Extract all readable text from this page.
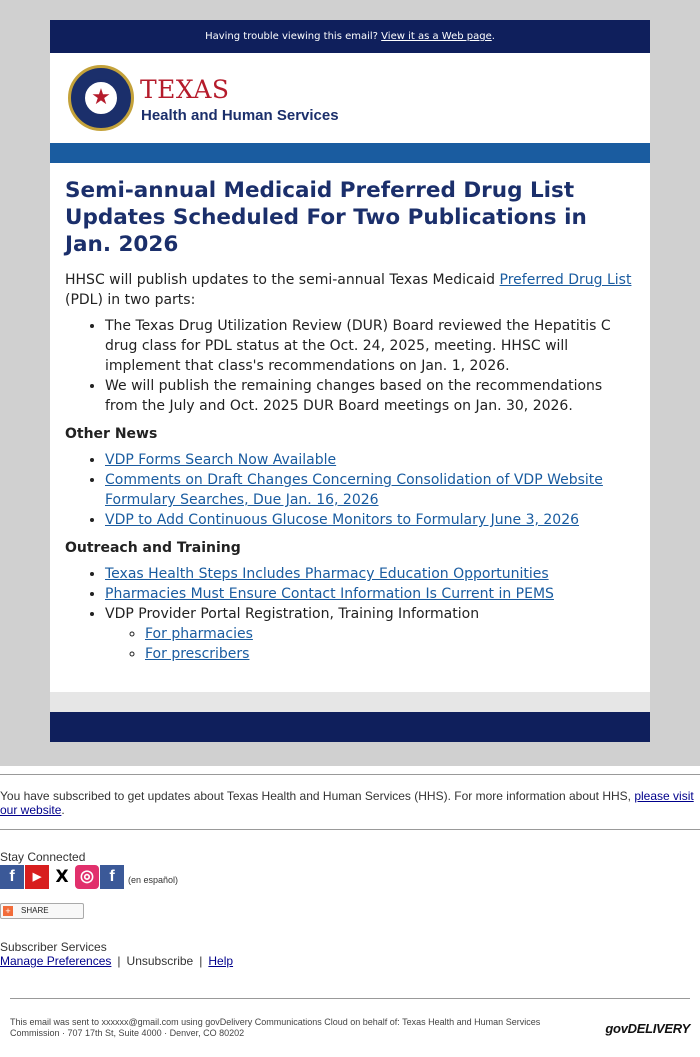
Having trouble viewing this email? View it as a Web page.
★ TEXAS
Health and Human Services
Semi-annual Medicaid Preferred Drug List Updates Scheduled For Two Publications in Jan. 2026

HHSC will publish updates to the semi-annual Texas Medicaid Preferred Drug List (PDL) in two parts:

• The Texas Drug Utilization Review (DUR) Board reviewed the Hepatitis C drug class for PDL status at the Oct. 24, 2025, meeting. HHSC will implement that class's recommendations on Jan. 1, 2026.
• We will publish the remaining changes based on the recommendations from the July and Oct. 2025 DUR Board meetings on Jan. 30, 2026.
Other News
• VDP Forms Search Now Available
• Comments on Draft Changes Concerning Consolidation of VDP Website Formulary Searches, Due Jan. 16, 2026
• VDP to Add Continuous Glucose Monitors to Formulary June 3, 2026
Outreach and Training
• Texas Health Steps Includes Pharmacy Education Opportunities
• Pharmacies Must Ensure Contact Information Is Current in PEMS
• VDP Provider Portal Registration, Training Information
◦ For pharmacies
◦ For prescribers
You have subscribed to get updates about Texas Health and Human Services (HHS). For more information about HHS, please visit our website.
Stay Connected
f	▶ X ◎ f	(en español)
+ SHARE
Subscriber Services
Manage Preferences | Unsubscribe | Help
This email was sent to xxxxxx@gmail.com using govDelivery Communications Cloud on behalf of: Texas Health and Human Services Commission · 707 17th St, Suite 4000 · Denver, CO 80202	govDELIVERY
